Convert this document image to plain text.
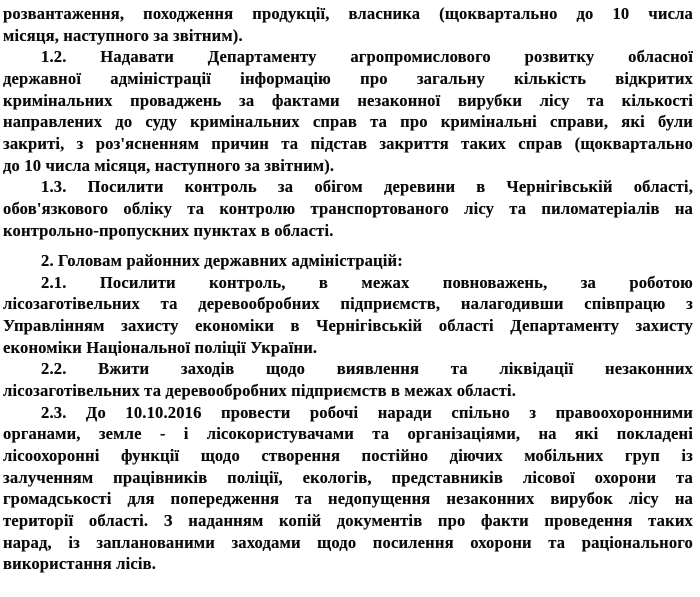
розвантаження, походження продукції, власника (щоквартально до 10 числа
місяця, наступного за звітним).
1.2. Надавати Департаменту агропромислового розвитку обласної
державної адміністрації інформацію про загальну кількість відкритих
кримінальних проваджень за фактами незаконної вирубки лісу та кількості
направлених до суду кримінальних справ та про кримінальні справи, які були
закриті, з роз'ясненням причин та підстав закриття таких справ (щоквартально
до 10 числа місяця, наступного за звітним).
1.3. Посилити контроль за обігом деревини в Чернігівській області,
обов'язкового обліку та контролю транспортованого лісу та пиломатеріалів на
контрольно-пропускних пунктах в області.
2. Головам районних державних адміністрацій:
2.1. Посилити контроль, в межах повноважень, за роботою
лісозаготівельних та деревообробних підприємств, налагодивши співпрацю з
Управлінням захисту економіки в Чернігівській області Департаменту захисту
економіки Національної поліції України.
2.2. Вжити заходів щодо виявлення та ліквідації незаконних
лісозаготівельних та деревообробних підприємств в межах області.
2.3. До 10.10.2016 провести робочі наради спільно з правоохоронними
органами, земле - і лісокористувачами та організаціями, на які покладені
лісоохоронні функції щодо створення постійно діючих мобільних груп із
залученням працівників поліції, екологів, представників лісової охорони та
громадськості для попередження та недопущення незаконних вирубок лісу на
території області. З наданням копій документів про факти проведення таких
нарад, із запланованими заходами щодо посилення охорони та раціонального
використання лісів.
